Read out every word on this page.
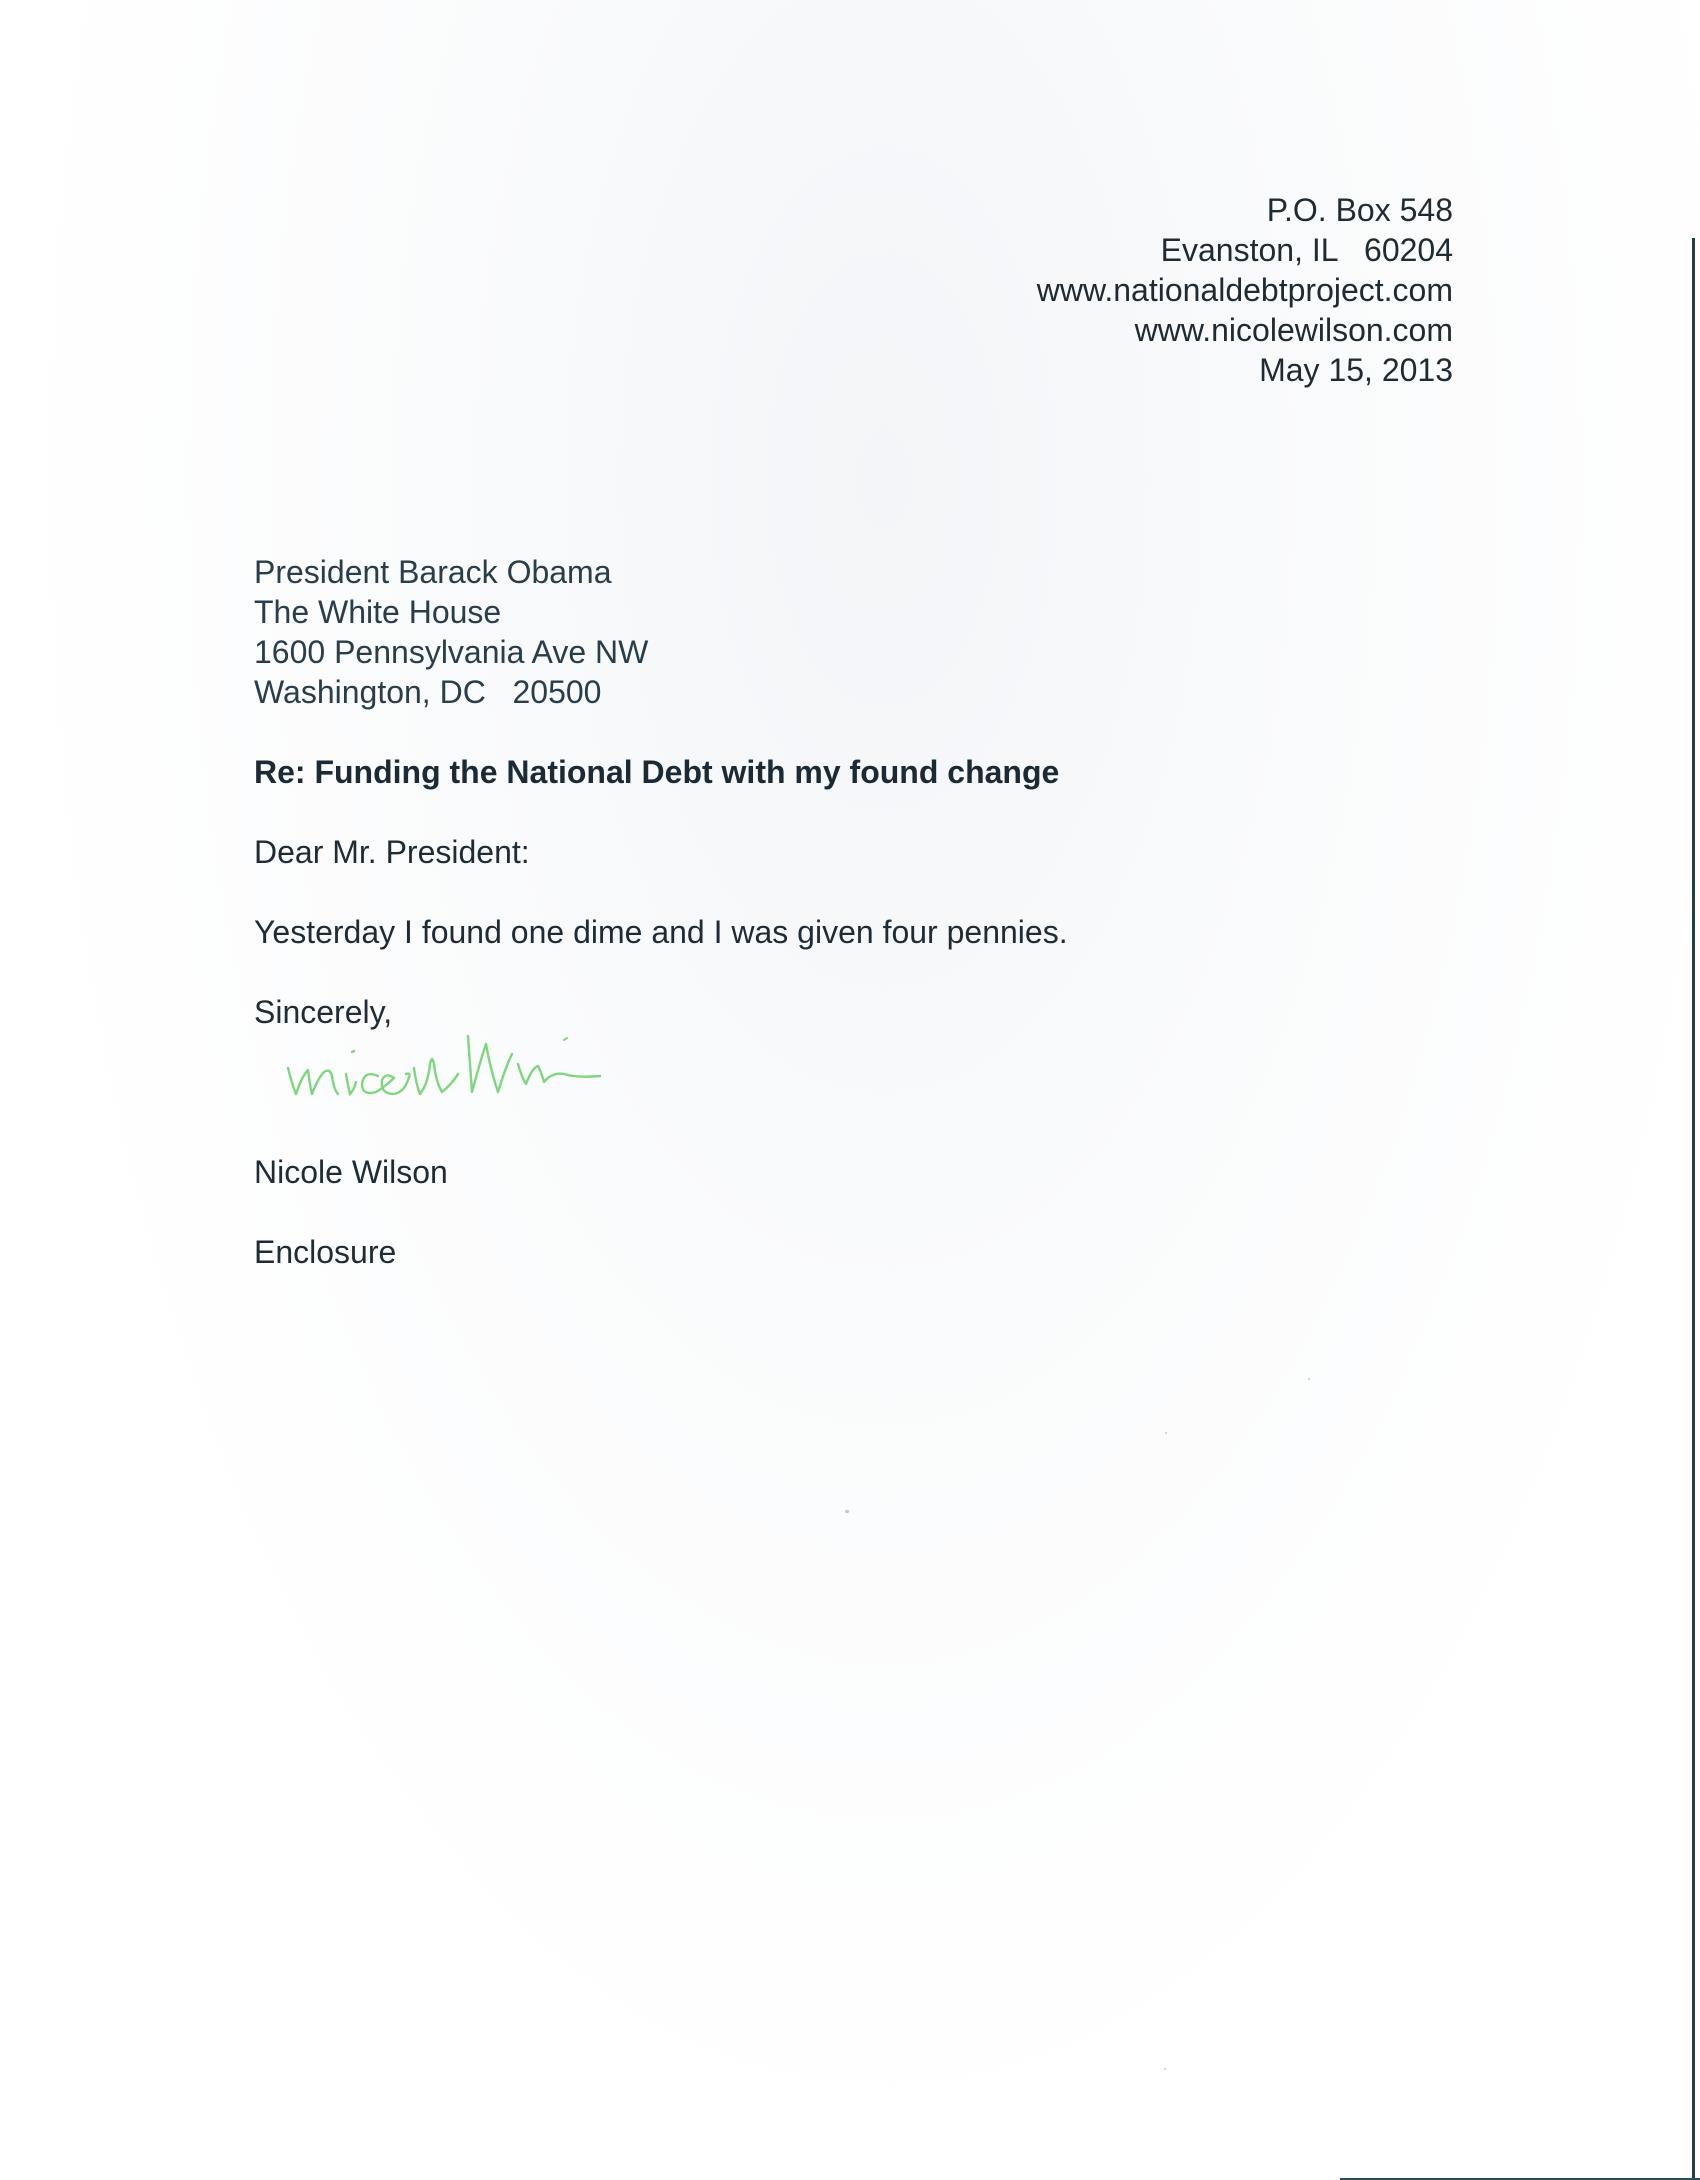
P.O. Box 548
Evanston, IL   60204
www.nationaldebtproject.com
www.nicolewilson.com
May 15, 2013
President Barack Obama
The White House
1600 Pennsylvania Ave NW
Washington, DC   20500
Re: Funding the National Debt with my found change
Dear Mr. President:
Yesterday I found one dime and I was given four pennies.
Sincerely,
Nicole Wilson
Enclosure
